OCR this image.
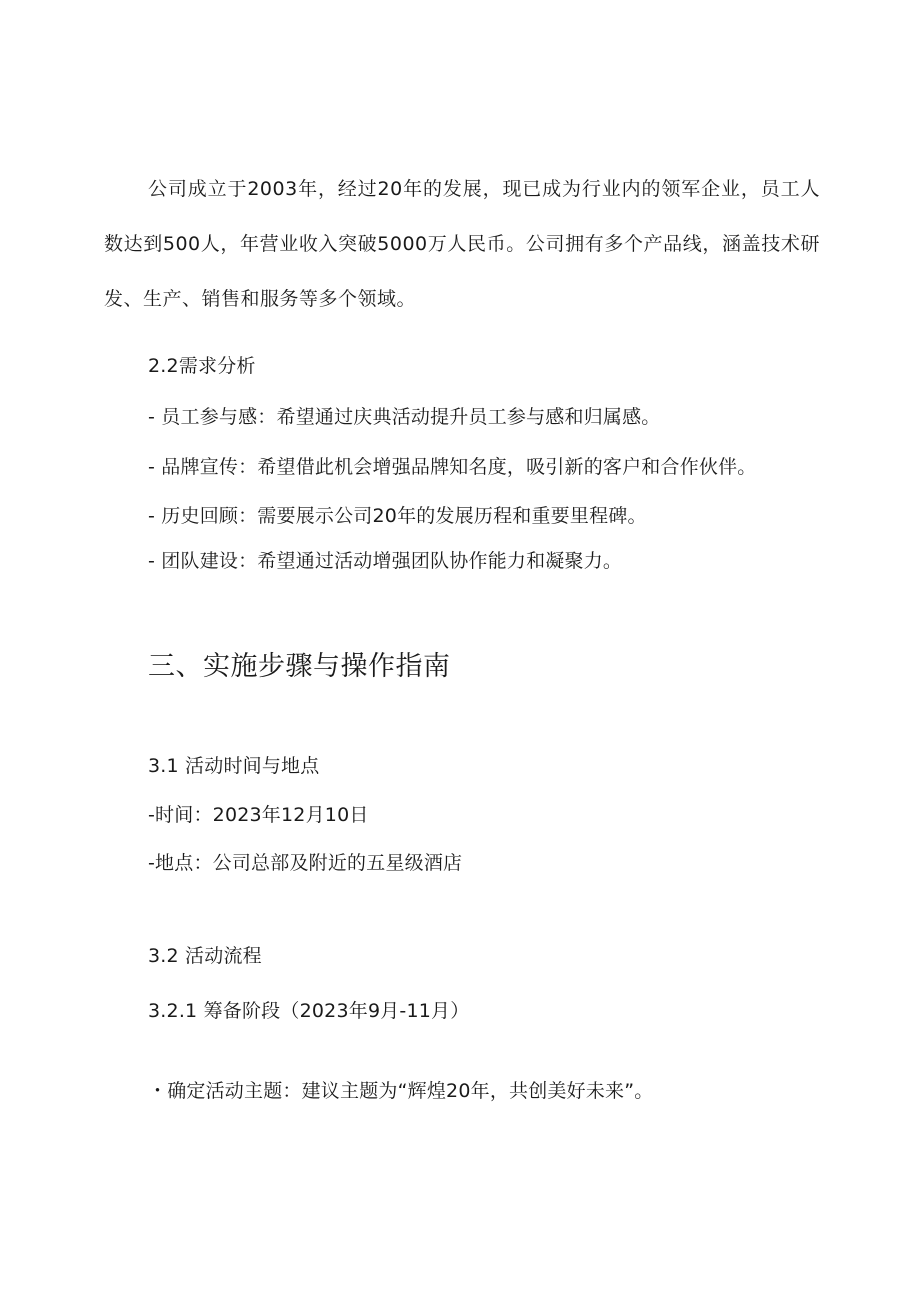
公司成立于2003年，经过20年的发展，现已成为行业内的领军企业，员工人数达到500人，年营业收入突破5000万人民币。公司拥有多个产品线，涵盖技术研发、生产、销售和服务等多个领域。
2.2需求分析
- 员工参与感：希望通过庆典活动提升员工参与感和归属感。
- 品牌宣传：希望借此机会增强品牌知名度，吸引新的客户和合作伙伴。
- 历史回顾：需要展示公司20年的发展历程和重要里程碑。
- 团队建设：希望通过活动增强团队协作能力和凝聚力。
三、实施步骤与操作指南
3.1 活动时间与地点
-时间：2023年12月10日
-地点：公司总部及附近的五星级酒店
3.2 活动流程
3.2.1 筹备阶段（2023年9月-11月）
・确定活动主题：建议主题为“辉煌20年，共创美好未来”。
